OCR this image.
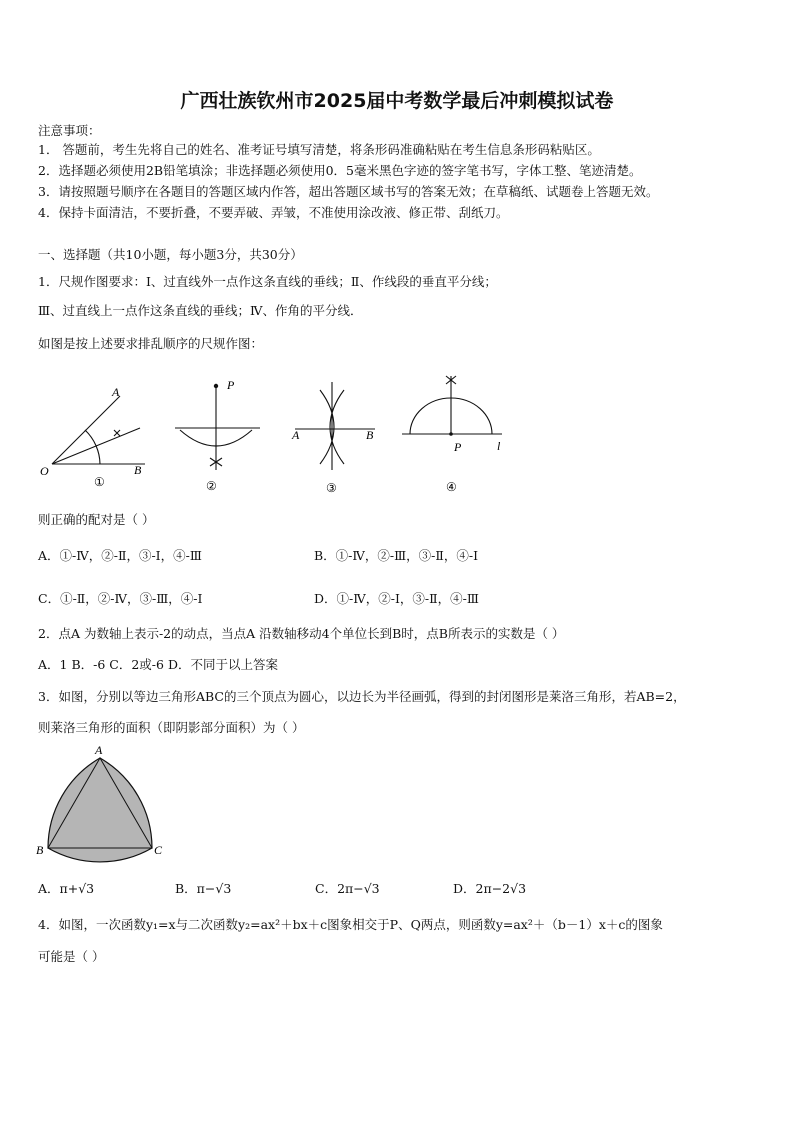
广西壮族钦州市2025届中考数学最后冲刺模拟试卷
注意事项：
1． 答题前，考生先将自己的姓名、准考证号填写清楚，将条形码准确粘贴在考生信息条形码粘贴区。
2．选择题必须使用2B铅笔填涂；非选择题必须使用0．5毫米黑色字迹的签字笔书写，字体工整、笔迹清楚。
3．请按照题号顺序在各题目的答题区域内作答，超出答题区域书写的答案无效；在草稿纸、试题卷上答题无效。
4．保持卡面清洁，不要折叠，不要弄破、弄皱，不准使用涂改液、修正带、刮纸刀。
一、选择题（共10小题，每小题3分，共30分）
1．尺规作图要求：Ⅰ、过直线外一点作这条直线的垂线；Ⅱ、作线段的垂直平分线；
Ⅲ、过直线上一点作这条直线的垂线；Ⅳ、作角的平分线．
如图是按上述要求排乱顺序的尺规作图：
A
O	B
①
P
②
A	B
③
P	l
④
则正确的配对是（ ）
A．①-Ⅳ，②-Ⅱ，③-Ⅰ，④-Ⅲ	B．①-Ⅳ，②-Ⅲ，③-Ⅱ，④-Ⅰ
C．①-Ⅱ，②-Ⅳ，③-Ⅲ，④-Ⅰ	D．①-Ⅳ，②-Ⅰ，③-Ⅱ，④-Ⅲ
2．点A 为数轴上表示-2的动点，当点A 沿数轴移动4个单位长到B时，点B所表示的实数是（ ）
A．1 B．-6 C．2或-6 D．不同于以上答案
3．如图，分别以等边三角形ABC的三个顶点为圆心，以边长为半径画弧，得到的封闭图形是莱洛三角形，若AB=2，
则莱洛三角形的面积（即阴影部分面积）为（ ）
A
B	C
A．π+√3	B．π−√3	C．2π−√3	D．2π−2√3
4．如图，一次函数y₁=x与二次函数y₂=ax²＋bx＋c图象相交于P、Q两点，则函数y=ax²＋（b－1）x＋c的图象
可能是（ ）
